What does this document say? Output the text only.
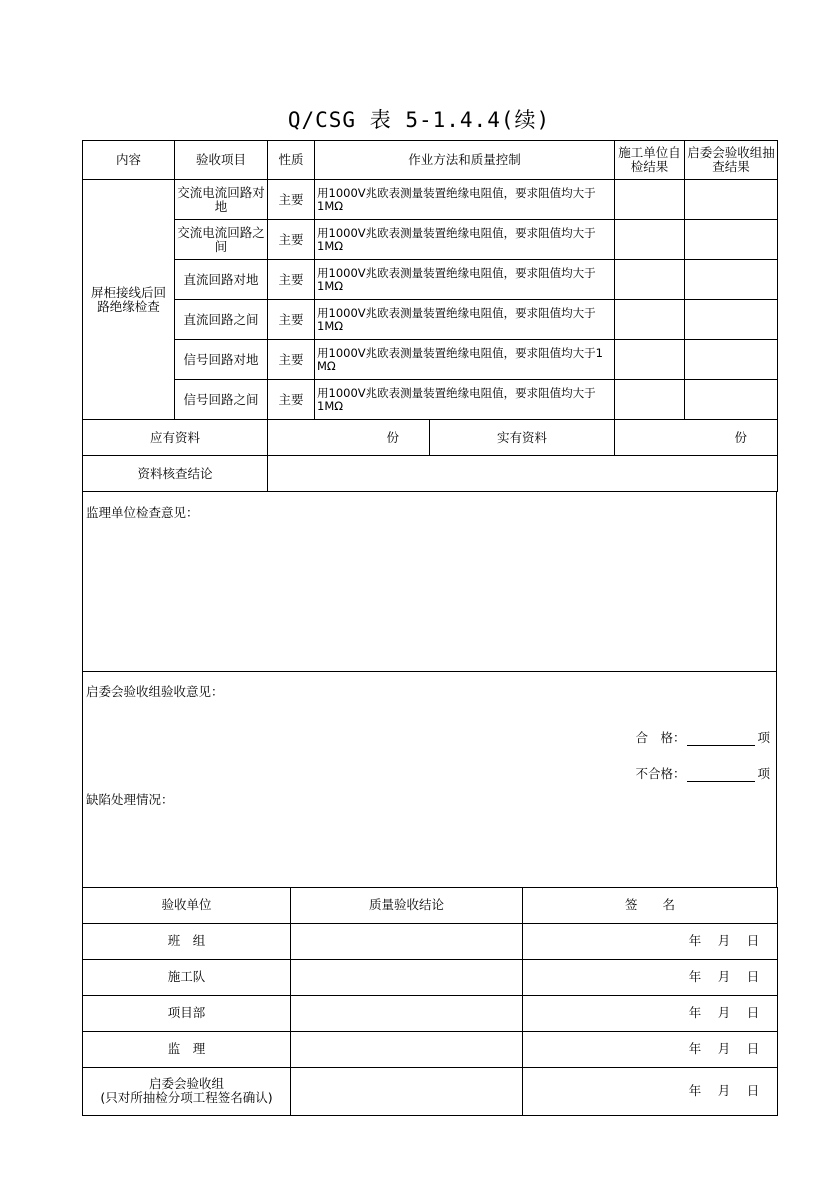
Q/CSG 表 5-1.4.4(续)
内容	验收项目	性质	作业方法和质量控制	施工单位自检结果	启委会验收组抽查结果
屏柜接线后回路绝缘检查	交流电流回路对地	主要	用1000V兆欧表测量装置绝缘电阻值，要求阻值均大于1MΩ		
	交流电流回路之间	主要	用1000V兆欧表测量装置绝缘电阻值，要求阻值均大于1MΩ		
	直流回路对地	主要	用1000V兆欧表测量装置绝缘电阻值，要求阻值均大于1MΩ		
	直流回路之间	主要	用1000V兆欧表测量装置绝缘电阻值，要求阻值均大于1MΩ		
	信号回路对地	主要	用1000V兆欧表测量装置绝缘电阻值，要求阻值均大于1 MΩ		
	信号回路之间	主要	用1000V兆欧表测量装置绝缘电阻值，要求阻值均大于1MΩ		
应有资料	份	实有资料	份
资料核查结论			
监理单位检查意见：
启委会验收组验收意见：
合　格：	项
不合格：	项
缺陷处理情况：
验收单位	质量验收结论	签　　名
班　组		年　月　日
施工队		年　月　日
项目部		年　月　日
监　理		年　月　日
启委会验收组
(只对所抽检分项工程签名确认)		年　月　日
